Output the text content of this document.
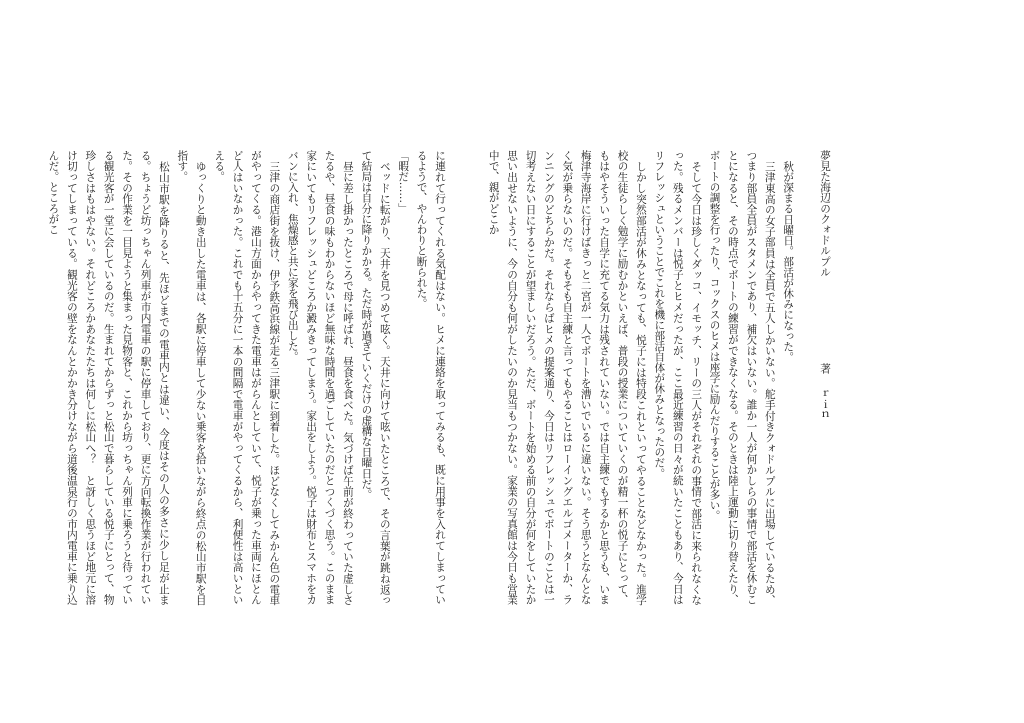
夢見た海辺のクォドルプル著ｒｉｎ

秋が深まる日曜日。部活が休みになった。

三津東高の女子部員は全員で五人しかいない。舵手付きクォドルプルに出場しているため、つまり部員全員がスタメンであり、補欠はいない。誰か一人が何かしらの事情で部活を休むことになると、その時点でボートの練習ができなくなる。そのときは陸上運動に切り替えたり、ボートの調整を行ったり、コックスのヒメは座学に励んだりすることが多い。

そして今日は珍しくダッコ、イモッチ、リーの三人がそれぞれの事情で部活に来られなくなった。残るメンバーは悦子とヒメだったが、ここ最近練習の日々が続いたこともあり、今日はリフレッシュということでこれを機に部活自体が休みとなったのだ。

しかし突然部活が休みとなっても、悦子には特段これといってやることなどなかった。進学校の生徒らしく勉学に励むかといえば、普段の授業についていくのが精一杯の悦子にとって、もはやそういった自学に充てる気力は残されていない。では自主練でもするかと思うも、いま梅津寺海岸に行けばきっと二宮が一人でボートを漕いでいるに違いない。そう思うとなんとなく気が乗らないのだ。そもそも自主練と言ってもやることはローイングエルゴメーターか、ランニングのどちらかだ。それならばヒメの提案通り、今日はリフレッシュでボートのことは一切考えない日にすることが望ましいだろう。ただ、ボートを始める前の自分が何をしていたか思い出せないように、今の自分も何がしたいのか見当もつかない。家業の写真館は今日も営業中で、親がどこか

に連れて行ってくれる気配はない。ヒメに連絡を取ってみるも、既に用事を入れてしまっているようで、やんわりと断られた。

「暇だ……」

ベッドに転がり、天井を見つめて呟く。天井に向けて呟いたところで、その言葉が跳ね返って結局は自分に降りかかる。ただ時が過ぎていくだけの虚構な日曜日だ。

昼に差し掛かったところで母に呼ばれ、昼食を食べた。気づけば午前が終わっていた虚しさたるや、昼食の味もわからないほど無味な時間を過ごしていたのだとつくづく思う。このまま家にいてもリフレッシュどころか澱みきってしまう。家出をしよう。悦子は財布とスマホをカバンに入れ、焦燥感と共に家を飛び出した。

三津の商店街を抜け、伊予鉄高浜線が走る三津駅に到着した。ほどなくしてみかん色の電車がやってくる。港山方面からやってきた電車はがらんとしていて、悦子が乗った車両にほとんど人はいなかった。これでも十五分に一本の間隔で電車がやってくるから、利便性は高いといえる。

ゆっくりと動き出した電車は、各駅に停車して少ない乗客を拾いながら終点の松山市駅を目指す。

松山市駅を降りると、先ほどまでの電車内とは違い、今度はその人の多さに少し足が止まる。ちょうど坊っちゃん列車が市内電車の駅に停車しており、更に方向転換作業が行われていた。その作業を一目見ようと集まった見物客と、これから坊っちゃん列車に乗ろうと待っている観光客が一堂に会しているのだ。生まれてからずっと松山で暮らしている悦子にとって、物珍しさはもはやない。それどころかあなたたちは何しに松山へ？　と訝しく思うほど地元に溶け切ってしまっている。観光客の壁をなんとかかき分けながら道後温泉行の市内電車に乗り込んだ。ところがこ
